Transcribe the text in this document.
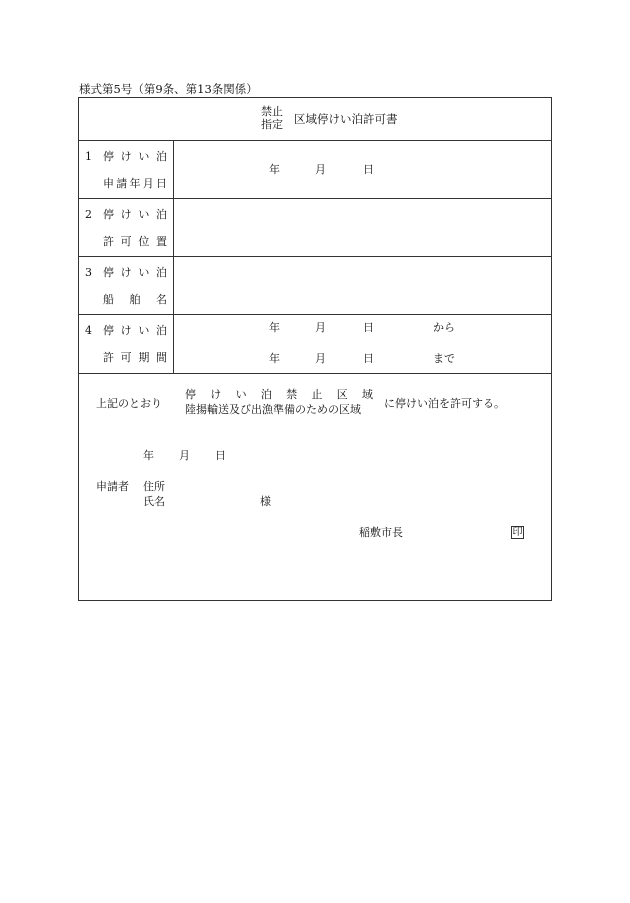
様式第5号（第9条、第13条関係）
禁止
指定 区域停けい泊許可書
1 停 け い 泊
申 請 年 月 日
年	月	日
2 停 け い 泊
許 可 位 置
3 停 け い 泊
船 舶 名
4 停 け い 泊
許 可 期 間
年	月	日	から
年	月	日	まで
上記のとおり
停 け い 泊 禁 止 区 域
陸揚輸送及び出漁準備のための区域 に停けい泊を許可する。
年 月 日
申請者 住所
氏名	様
稲敷市長	印
